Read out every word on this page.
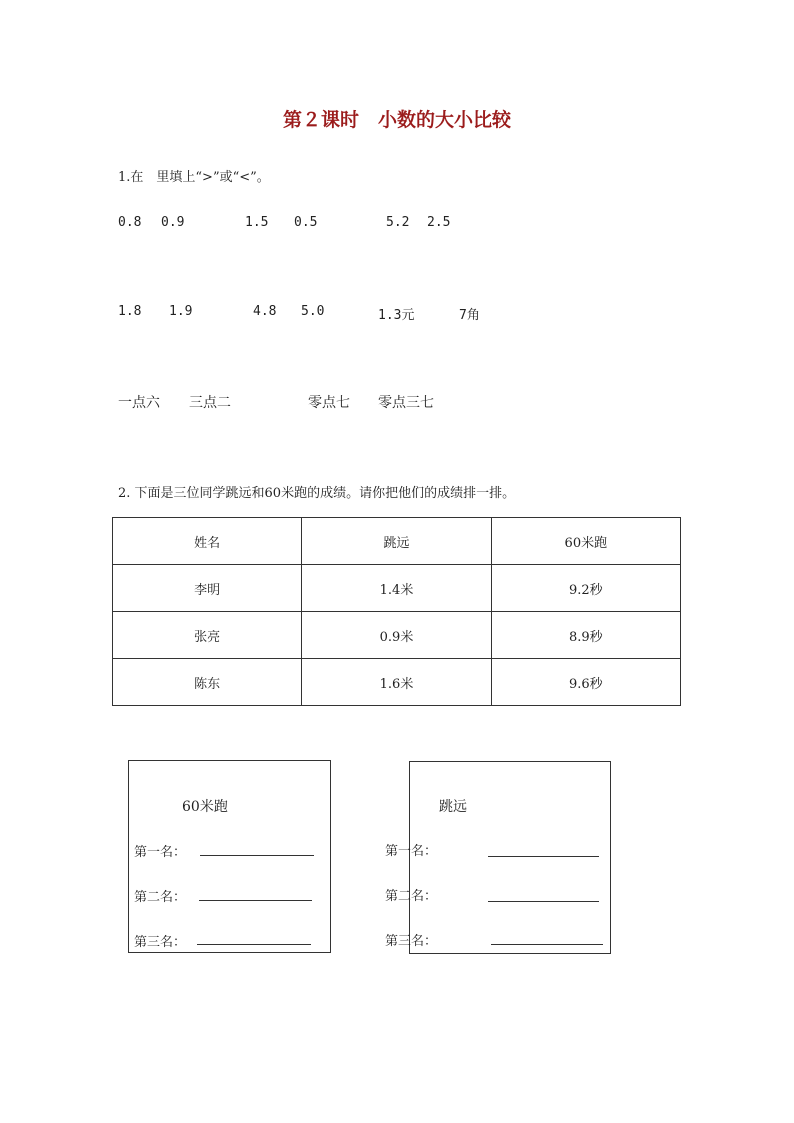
第２课时　小数的大小比较
1.在　里填上“>”或“<”。
0.8 0.9	1.5 0.5	5.2 2.5
1.8 1.9	4.8 5.0	1.3元	7角
一点六 三点二	零点七 零点三七
2. 下面是三位同学跳远和60米跑的成绩。请你把他们的成绩排一排。
姓名	跳远	60米跑
李明	1.4米	9.2秒
张亮	0.9米	8.9秒
陈东	1.6米	9.6秒
60米跑
第一名：
第二名：
第三名：
跳远
第一名：
第二名：
第三名：
